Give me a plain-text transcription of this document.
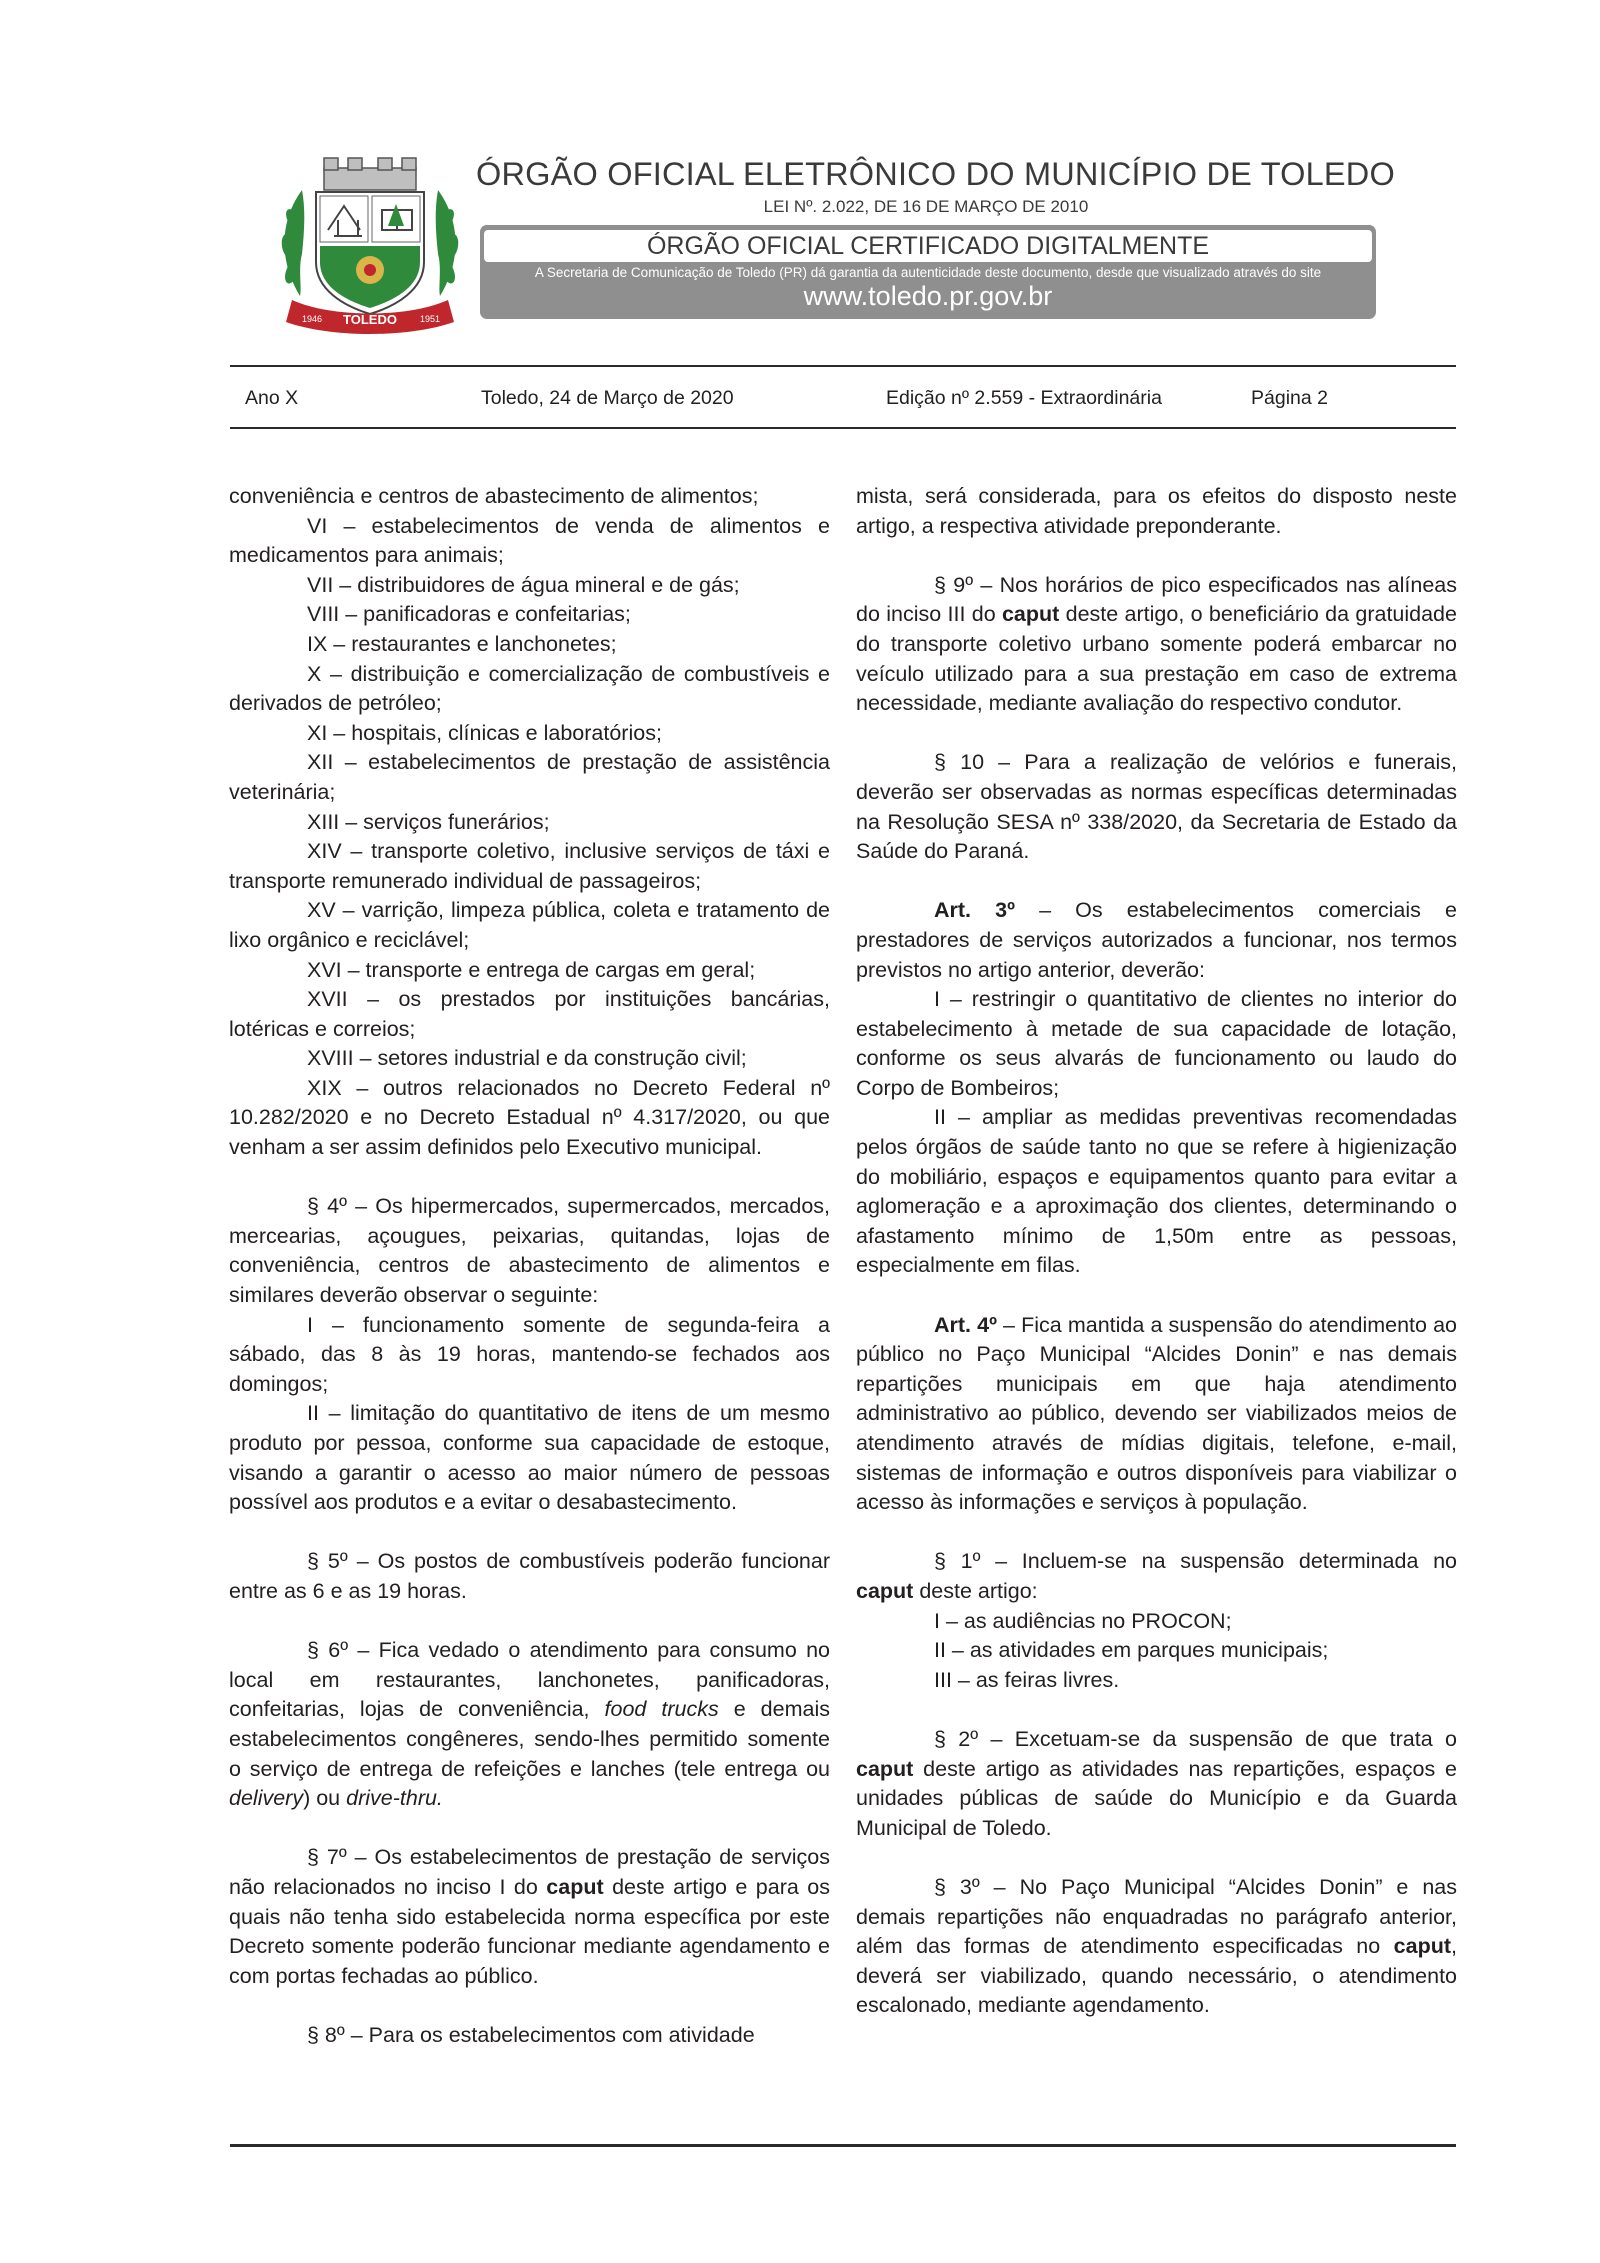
TOLEDO
1946	1951
ÓRGÃO OFICIAL ELETRÔNICO DO MUNICÍPIO DE TOLEDO
LEI Nº. 2.022, DE 16 DE MARÇO DE 2010
ÓRGÃO OFICIAL CERTIFICADO DIGITALMENTE
A Secretaria de Comunicação de Toledo (PR) dá garantia da autenticidade deste documento, desde que visualizado através do site
www.toledo.pr.gov.br
Ano X	Toledo, 24 de Março de 2020	Edição nº 2.559 - Extraordinária	Página 2

conveniência e centros de abastecimento de alimentos;

VI – estabelecimentos de venda de alimentos e medicamentos para animais;

VII – distribuidores de água mineral e de gás;

VIII – panificadoras e confeitarias;

IX – restaurantes e lanchonetes;

X – distribuição e comercialização de combustíveis e derivados de petróleo;

XI – hospitais, clínicas e laboratórios;

XII – estabelecimentos de prestação de assistência veterinária;

XIII – serviços funerários;

XIV – transporte coletivo, inclusive serviços de táxi e transporte remunerado individual de passageiros;

XV – varrição, limpeza pública, coleta e tratamento de lixo orgânico e reciclável;

XVI – transporte e entrega de cargas em geral;

XVII – os prestados por instituições bancárias, lotéricas e correios;

XVIII – setores industrial e da construção civil;

XIX – outros relacionados no Decreto Federal nº 10.282/2020 e no Decreto Estadual nº 4.317/2020, ou que venham a ser assim definidos pelo Executivo municipal.

§ 4º – Os hipermercados, supermercados, mercados, mercearias, açougues, peixarias, quitandas, lojas de conveniência, centros de abastecimento de alimentos e similares deverão observar o seguinte:

I – funcionamento somente de segunda-feira a sábado, das 8 às 19 horas, mantendo-se fechados aos domingos;

II – limitação do quantitativo de itens de um mesmo produto por pessoa, conforme sua capacidade de estoque, visando a garantir o acesso ao maior número de pessoas possível aos produtos e a evitar o desabastecimento.

§ 5º – Os postos de combustíveis poderão funcionar entre as 6 e as 19 horas.

§ 6º – Fica vedado o atendimento para consumo no local em restaurantes, lanchonetes, panificadoras, confeitarias, lojas de conveniência, food trucks e demais estabelecimentos congêneres, sendo-lhes permitido somente o serviço de entrega de refeições e lanches (tele entrega ou delivery) ou drive-thru.

§ 7º – Os estabelecimentos de prestação de serviços não relacionados no inciso I do caput deste artigo e para os quais não tenha sido estabelecida norma específica por este Decreto somente poderão funcionar mediante agendamento e com portas fechadas ao público.

§ 8º – Para os estabelecimentos com atividade

mista, será considerada, para os efeitos do disposto neste artigo, a respectiva atividade preponderante.

§ 9º – Nos horários de pico especificados nas alíneas do inciso III do caput deste artigo, o beneficiário da gratuidade do transporte coletivo urbano somente poderá embarcar no veículo utilizado para a sua prestação em caso de extrema necessidade, mediante avaliação do respectivo condutor.

§ 10 – Para a realização de velórios e funerais, deverão ser observadas as normas específicas determinadas na Resolução SESA nº 338/2020, da Secretaria de Estado da Saúde do Paraná.

Art. 3º – Os estabelecimentos comerciais e prestadores de serviços autorizados a funcionar, nos termos previstos no artigo anterior, deverão:

I – restringir o quantitativo de clientes no interior do estabelecimento à metade de sua capacidade de lotação, conforme os seus alvarás de funcionamento ou laudo do Corpo de Bombeiros;

II – ampliar as medidas preventivas recomendadas pelos órgãos de saúde tanto no que se refere à higienização do mobiliário, espaços e equipamentos quanto para evitar a aglomeração e a aproximação dos clientes, determinando o afastamento mínimo de 1,50m entre as pessoas, especialmente em filas.

Art. 4º – Fica mantida a suspensão do atendimento ao público no Paço Municipal “Alcides Donin” e nas demais repartições municipais em que haja atendimento administrativo ao público, devendo ser viabilizados meios de atendimento através de mídias digitais, telefone, e-mail, sistemas de informação e outros disponíveis para viabilizar o acesso às informações e serviços à população.

§ 1º – Incluem-se na suspensão determinada no caput deste artigo:

I – as audiências no PROCON;

II – as atividades em parques municipais;

III – as feiras livres.

§ 2º – Excetuam-se da suspensão de que trata o caput deste artigo as atividades nas repartições, espaços e unidades públicas de saúde do Município e da Guarda Municipal de Toledo.

§ 3º – No Paço Municipal “Alcides Donin” e nas demais repartições não enquadradas no parágrafo anterior, além das formas de atendimento especificadas no caput, deverá ser viabilizado, quando necessário, o atendimento escalonado, mediante agendamento.
